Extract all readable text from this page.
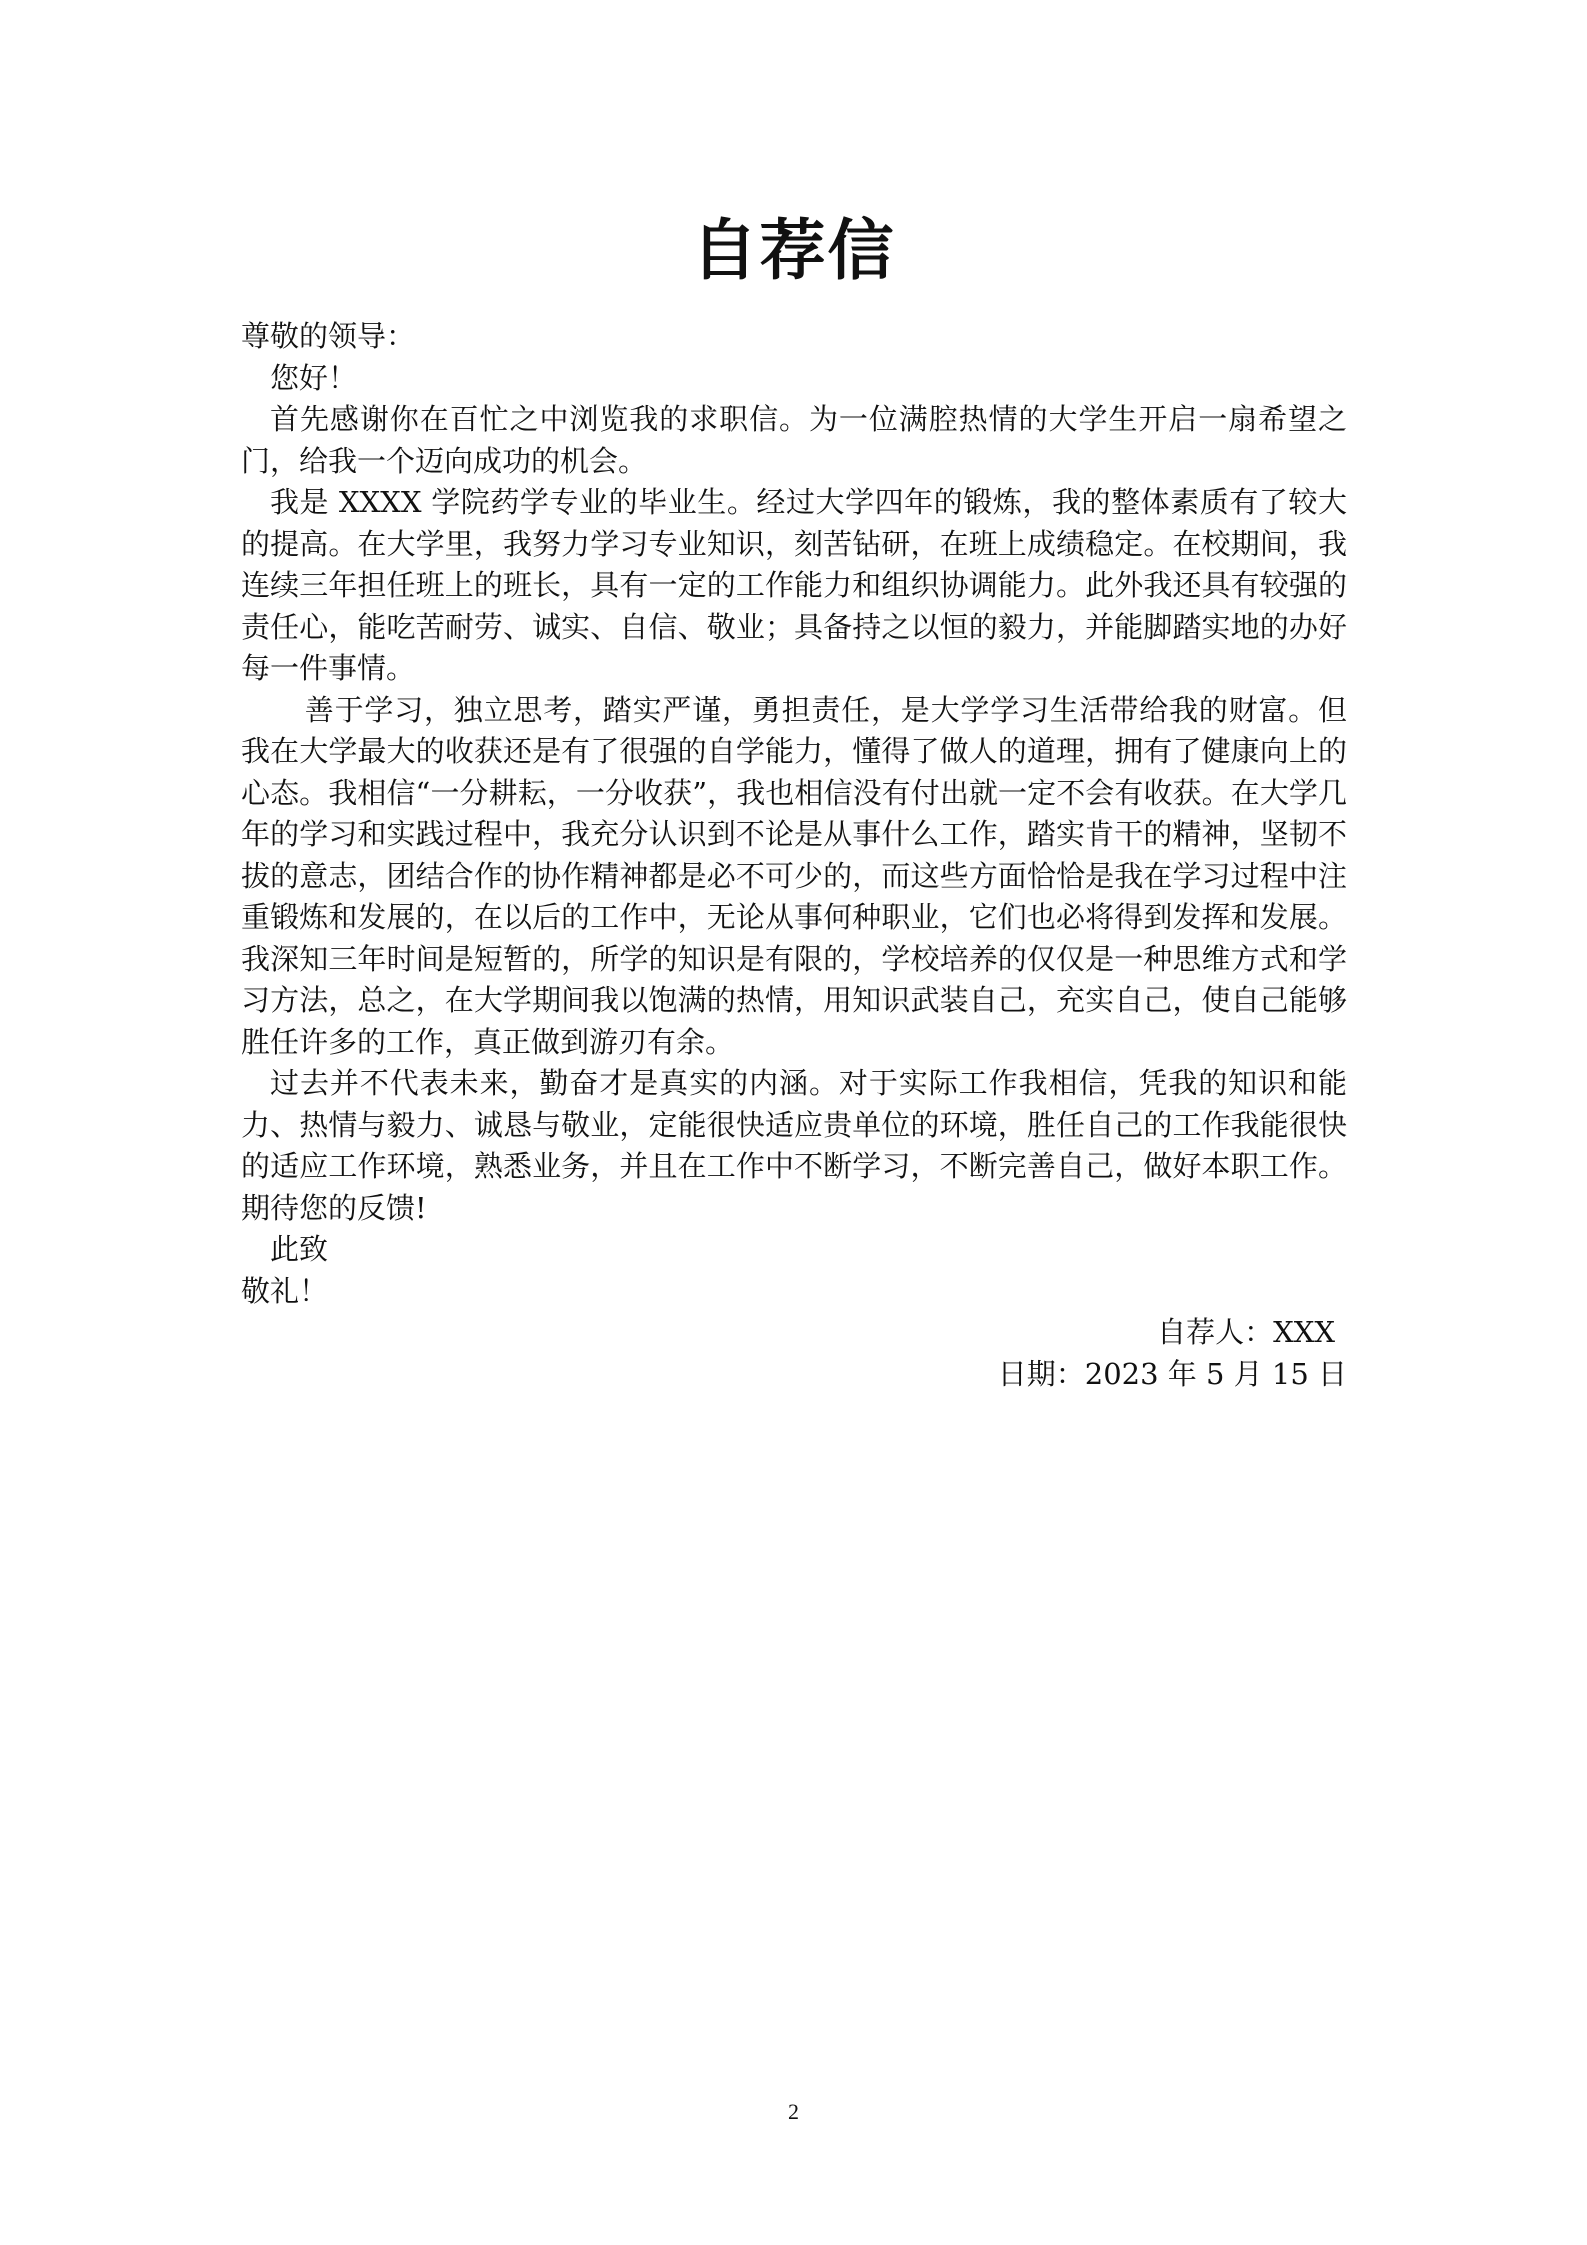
自荐信

尊敬的领导：

您好！

首先感谢你在百忙之中浏览我的求职信。为一位满腔热情的大学生开启一扇希望之门，给我一个迈向成功的机会。

我是 XXXX 学院药学专业的毕业生。经过大学四年的锻炼，我的整体素质有了较大的提高。在大学里，我努力学习专业知识，刻苦钻研，在班上成绩稳定。在校期间，我连续三年担任班上的班长，具有一定的工作能力和组织协调能力。此外我还具有较强的责任心，能吃苦耐劳、诚实、自信、敬业；具备持之以恒的毅力，并能脚踏实地的办好每一件事情。

善于学习，独立思考，踏实严谨，勇担责任，是大学学习生活带给我的财富。但我在大学最大的收获还是有了很强的自学能力，懂得了做人的道理，拥有了健康向上的心态。我相信“一分耕耘，一分收获”，我也相信没有付出就一定不会有收获。在大学几年的学习和实践过程中，我充分认识到不论是从事什么工作，踏实肯干的精神，坚韧不拔的意志，团结合作的协作精神都是必不可少的，而这些方面恰恰是我在学习过程中注重锻炼和发展的，在以后的工作中，无论从事何种职业，它们也必将得到发挥和发展。我深知三年时间是短暂的，所学的知识是有限的，学校培养的仅仅是一种思维方式和学习方法，总之，在大学期间我以饱满的热情，用知识武装自己，充实自己，使自己能够胜任许多的工作，真正做到游刃有余。

过去并不代表未来，勤奋才是真实的内涵。对于实际工作我相信，凭我的知识和能力、热情与毅力、诚恳与敬业，定能很快适应贵单位的环境，胜任自己的工作我能很快的适应工作环境，熟悉业务，并且在工作中不断学习，不断完善自己，做好本职工作。期待您的反馈!

此致

敬礼！

自荐人：XXX

日期：2023 年 5 月 15 日

2
